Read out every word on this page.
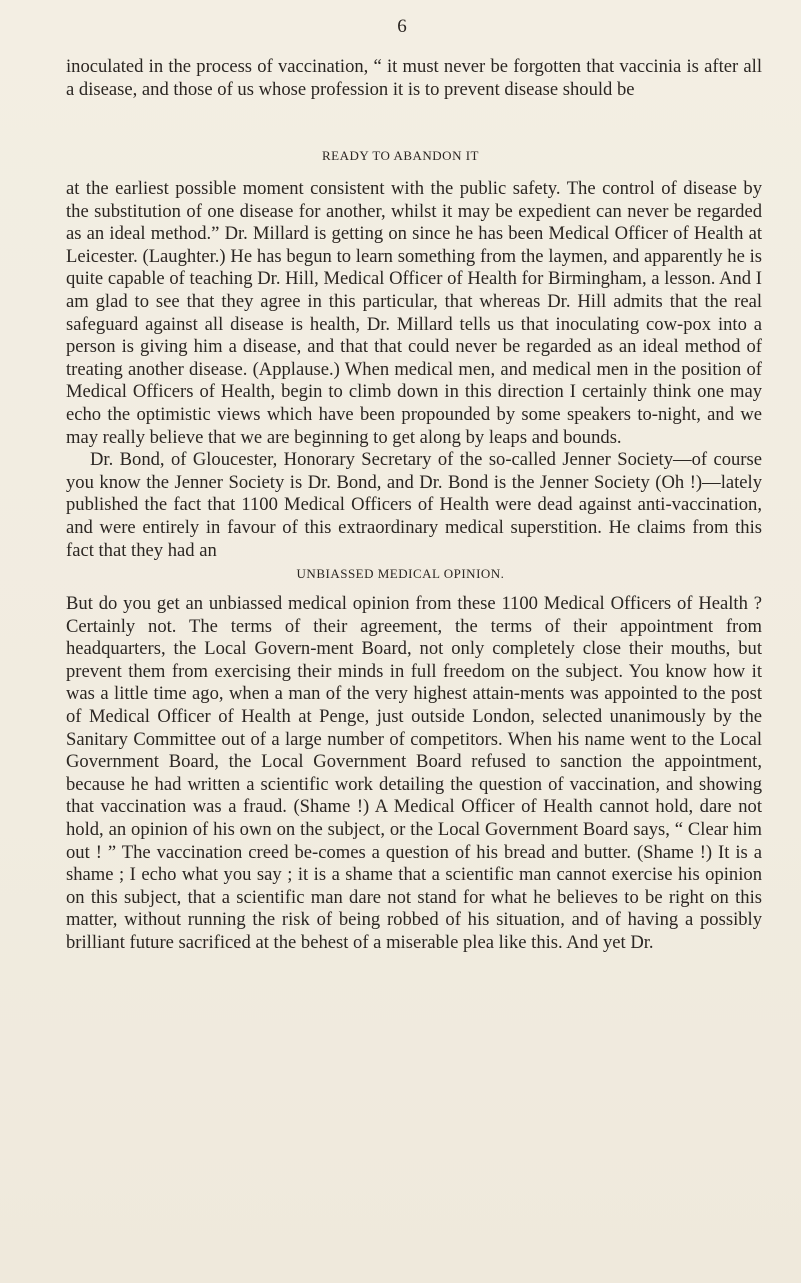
6

inoculated in the process of vaccination, “ it must never be forgotten that vaccinia is after all a disease, and those of us whose profession it is to prevent disease should be

READY TO ABANDON IT

at the earliest possible moment consistent with the public safety. The control of disease by the substitution of one disease for another, whilst it may be expedient can never be regarded as an ideal method.” Dr. Millard is getting on since he has been Medical Officer of Health at Leicester. (Laughter.) He has begun to learn something from the laymen, and apparently he is quite capable of teaching Dr. Hill, Medical Officer of Health for Birmingham, a lesson. And I am glad to see that they agree in this particular, that whereas Dr. Hill admits that the real safeguard against all disease is health, Dr. Millard tells us that inoculating cow-pox into a person is giving him a disease, and that that could never be regarded as an ideal method of treating another disease. (Applause.) When medical men, and medical men in the position of Medical Officers of Health, begin to climb down in this direction I certainly think one may echo the optimistic views which have been propounded by some speakers to-night, and we may really believe that we are beginning to get along by leaps and bounds.

Dr. Bond, of Gloucester, Honorary Secretary of the so-called Jenner Society—of course you know the Jenner Society is Dr. Bond, and Dr. Bond is the Jenner Society (Oh !)—lately published the fact that 1100 Medical Officers of Health were dead against anti-vaccination, and were entirely in favour of this extraordinary medical superstition. He claims from this fact that they had an

UNBIASSED MEDICAL OPINION.

But do you get an unbiassed medical opinion from these 1100 Medical Officers of Health ? Certainly not. The terms of their agreement, the terms of their appointment from headquarters, the Local Govern-ment Board, not only completely close their mouths, but prevent them from exercising their minds in full freedom on the subject. You know how it was a little time ago, when a man of the very highest attain-ments was appointed to the post of Medical Officer of Health at Penge, just outside London, selected unanimously by the Sanitary Committee out of a large number of competitors. When his name went to the Local Government Board, the Local Government Board refused to sanction the appointment, because he had written a scientific work detailing the question of vaccination, and showing that vaccination was a fraud. (Shame !) A Medical Officer of Health cannot hold, dare not hold, an opinion of his own on the subject, or the Local Government Board says, “ Clear him out ! ” The vaccination creed be-comes a question of his bread and butter. (Shame !) It is a shame ; I echo what you say ; it is a shame that a scientific man cannot exercise his opinion on this subject, that a scientific man dare not stand for what he believes to be right on this matter, without running the risk of being robbed of his situation, and of having a possibly brilliant future sacrificed at the behest of a miserable plea like this. And yet Dr.
